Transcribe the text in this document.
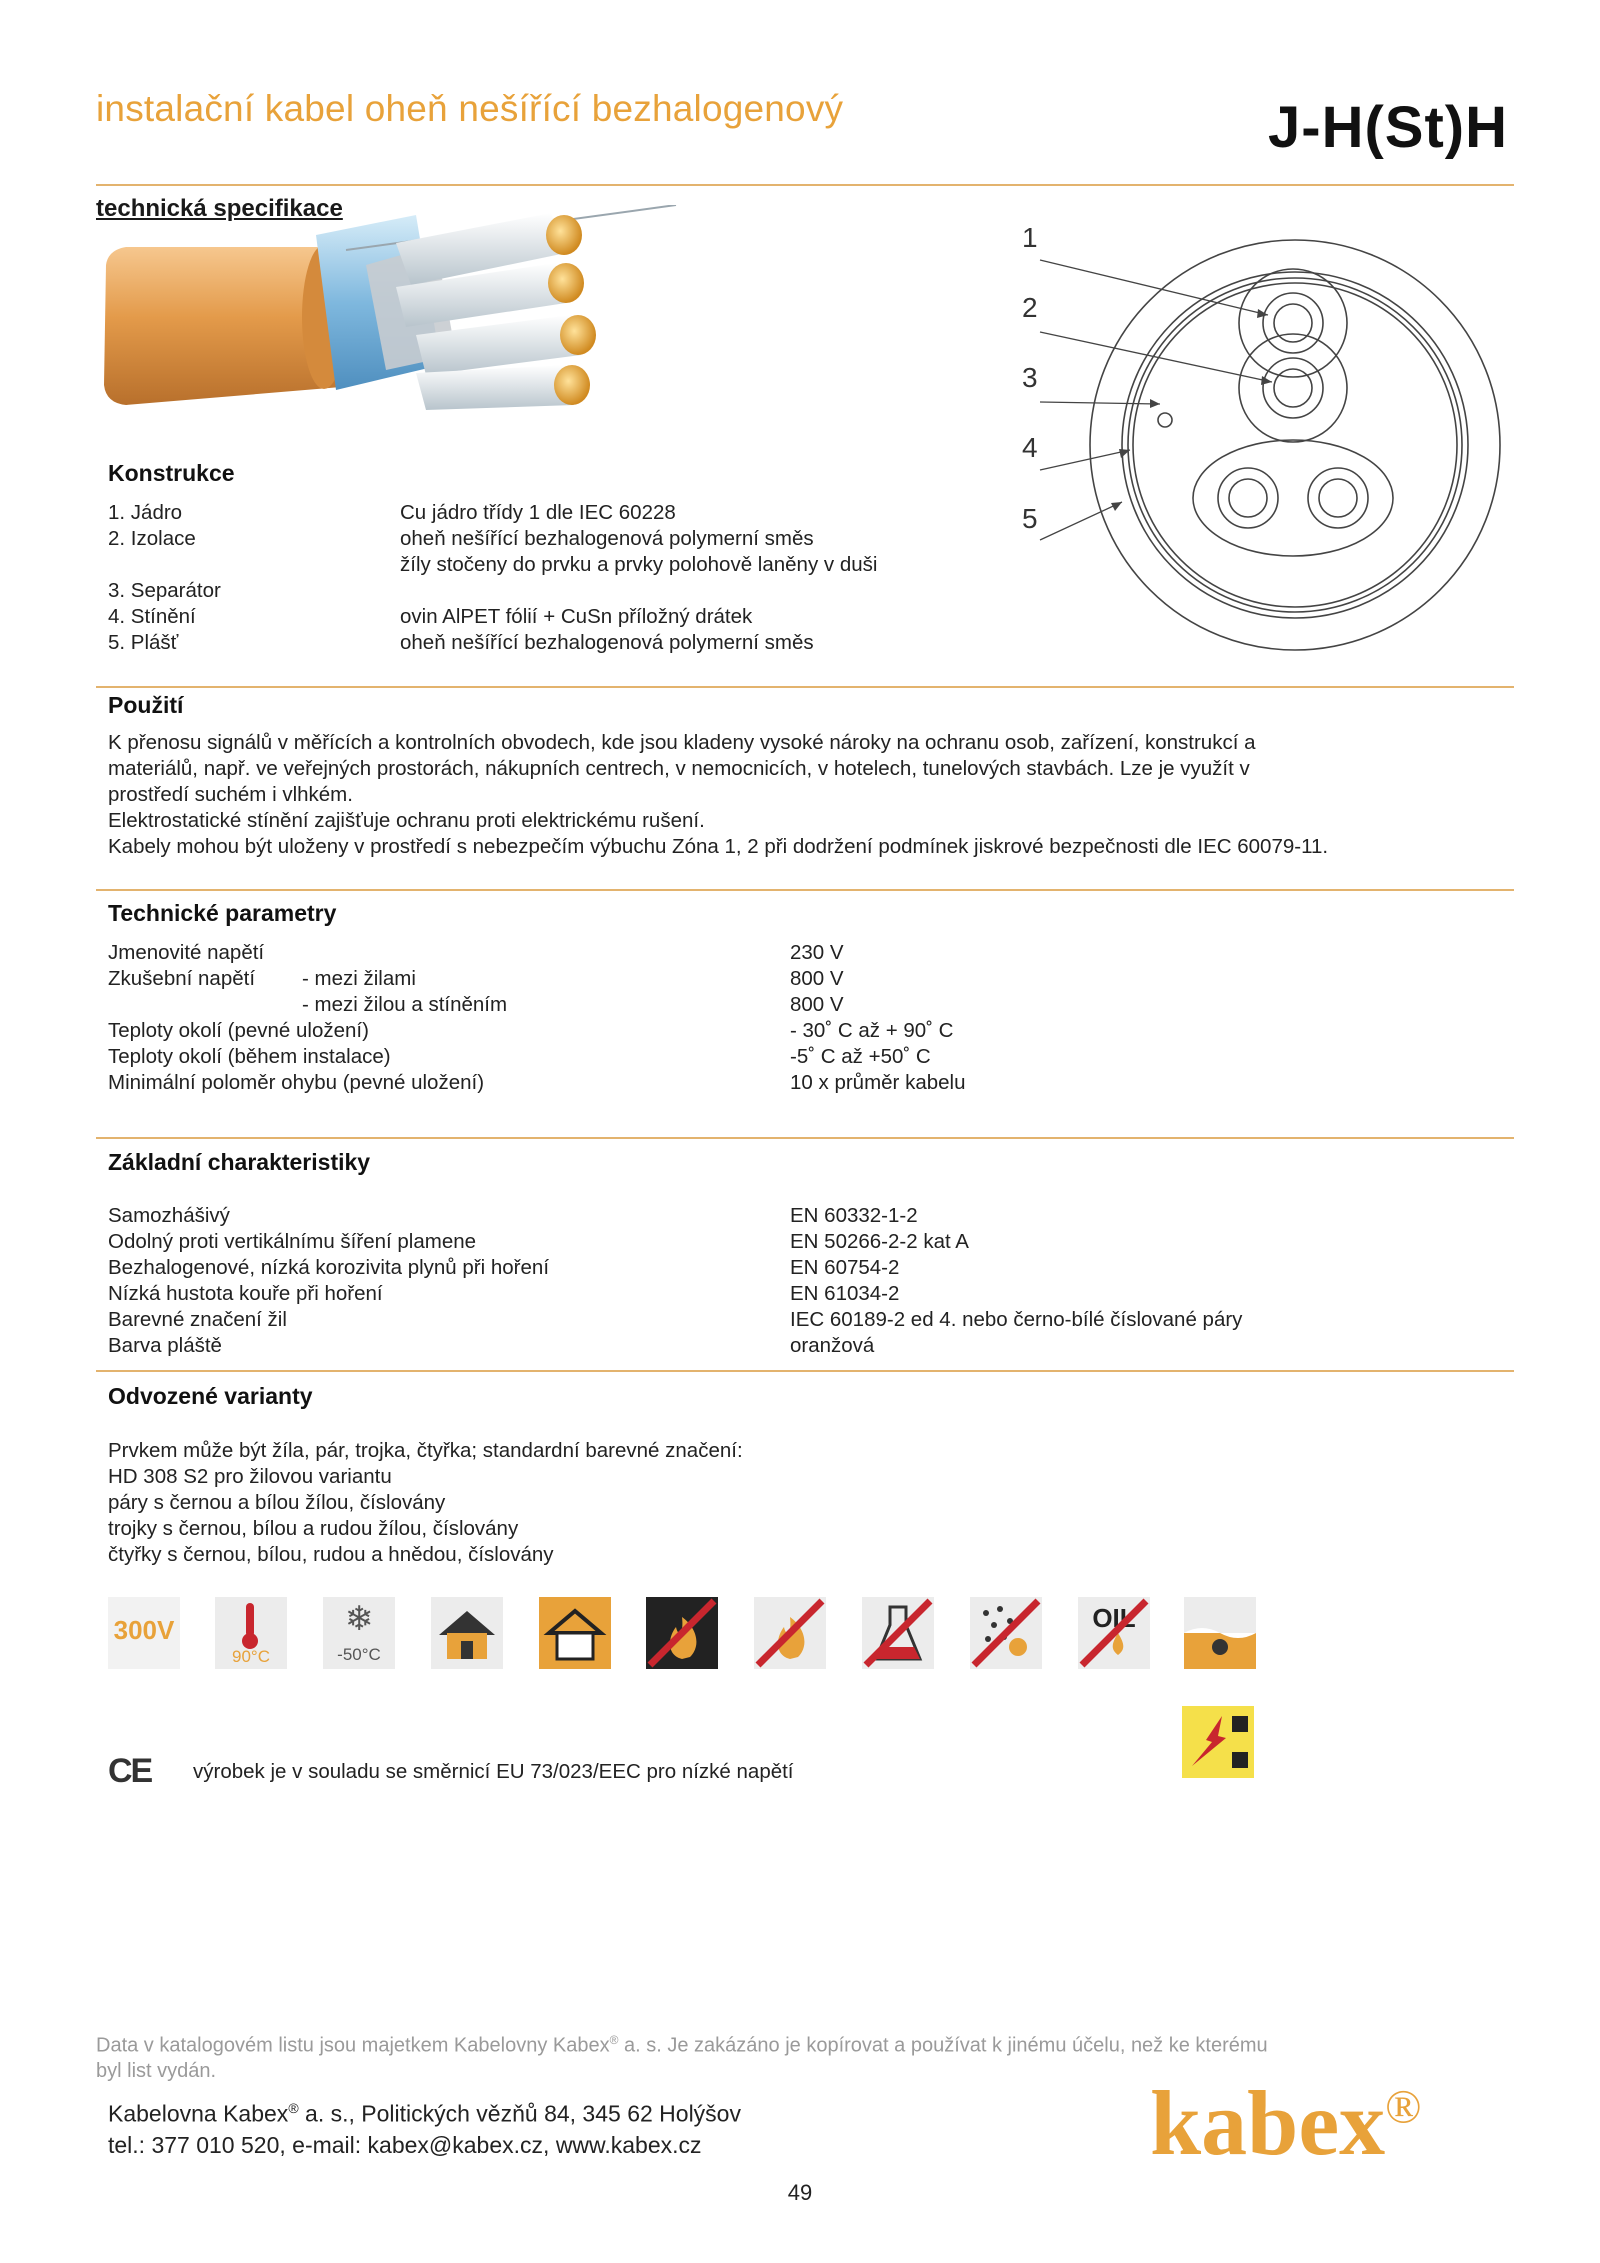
instalační kabel oheň nešířící bezhalogenový	J-H(St)H
technická specifikace
1
2
3
4
5
Konstrukce
1. Jádro	Cu jádro třídy 1 dle IEC 60228
2. Izolace	oheň nešířící bezhalogenová polymerní směs
žíly stočeny do prvku a prvky polohově laněny v duši
3. Separátor
4. Stínění	ovin AlPET fólií + CuSn příložný drátek
5. Plášť	oheň nešířící bezhalogenová polymerní směs
Použití
K přenosu signálů v měřících a kontrolních obvodech, kde jsou kladeny vysoké nároky na ochranu osob, zařízení, konstrukcí a
materiálů, např. ve veřejných prostorách, nákupních centrech, v nemocnicích, v hotelech, tunelových stavbách. Lze je využít v
prostředí suchém i vlhkém.
Elektrostatické stínění zajišťuje ochranu proti elektrickému rušení.
Kabely mohou být uloženy v prostředí s nebezpečím výbuchu Zóna 1, 2 při dodržení podmínek jiskrové bezpečnosti dle IEC 60079-11.
Technické parametry
Jmenovité napětí	230 V
Zkušební napětí - mezi žilami	800 V
- mezi žilou a stíněním	800 V
Teploty okolí (pevné uložení)	- 30˚ C až + 90˚ C
Teploty okolí (během instalace)	-5˚ C až +50˚ C
Minimální poloměr ohybu (pevné uložení)	10 x průměr kabelu
Základní charakteristiky
Samozhášivý	EN 60332-1-2
Odolný proti vertikálnímu šíření plamene	EN 50266-2-2 kat A
Bezhalogenové, nízká korozivita plynů při hoření	EN 60754-2
Nízká hustota kouře při hoření	EN 61034-2
Barevné značení žil	IEC 60189-2 ed 4. nebo černo-bílé číslované páry
Barva pláště	oranžová
Odvozené varianty
Prvkem může být žíla, pár, trojka, čtyřka; standardní barevné značení:
HD 308 S2 pro žilovou variantu
páry s černou a bílou žílou, číslovány
trojky s černou, bílou a rudou žílou, číslovány
čtyřky s černou, bílou, rudou a hnědou, číslovány
300V
90°C
❄
-50°C
OIL
CE výrobek je v souladu se směrnicí EU 73/023/EEC pro nízké napětí
Data v katalogovém listu jsou majetkem Kabelovny Kabex® a. s. Je zakázáno je kopírovat a používat k jinému účelu, než ke kterému
byl list vydán.
Kabelovna Kabex® a. s., Politických vězňů 84, 345 62 Holýšov
tel.: 377 010 520, e-mail: kabex@kabex.cz, www.kabex.cz	kabex®
49
